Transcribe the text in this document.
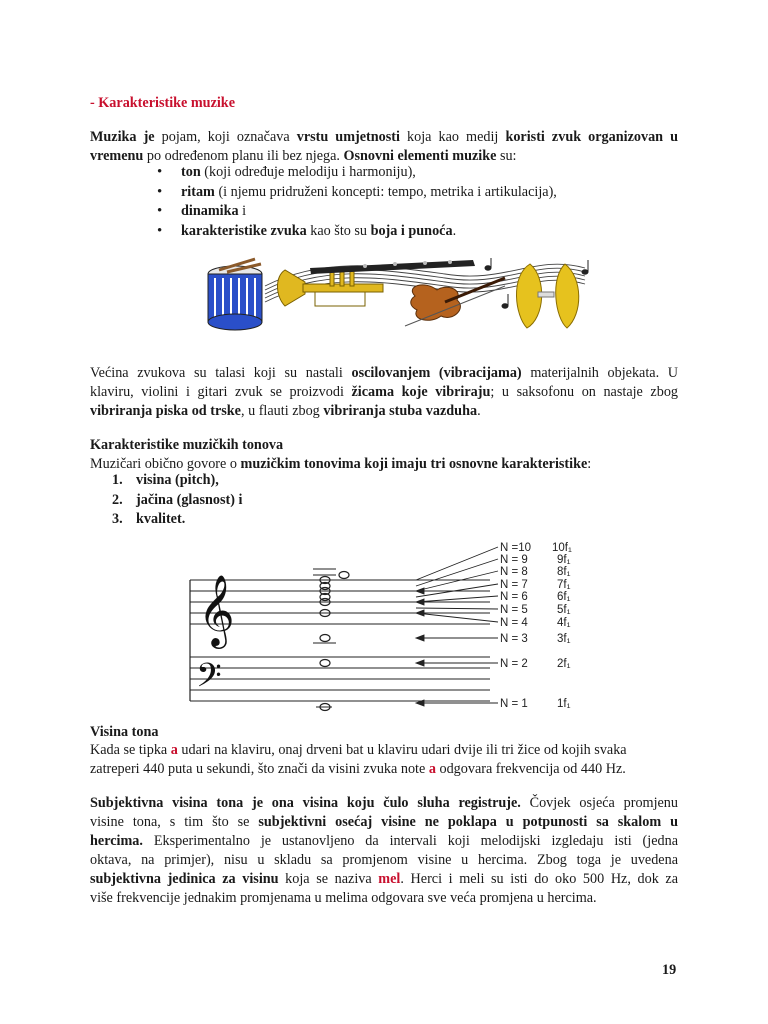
- Karakteristike muzike
Muzika je pojam, koji označava vrstu umjetnosti koja kao medij koristi zvuk organizovan u
vremenu po određenom planu ili bez njega. Osnovni elementi muzike su:
• ton (koji određuje melodiju i harmoniju),
• ritam (i njemu pridruženi koncepti: tempo, metrika i artikulacija),
• dinamika i
• karakteristike zvuka kao što su boja i punoća.
Većina zvukova su talasi koji su nastali oscilovanjem (vibracijama) materijalnih objekata. U
klaviru, violini i gitari zvuk se proizvodi žicama koje vibriraju; u saksofonu on nastaje zbog
vibriranja piska od trske, u flauti zbog vibriranja stuba vazduha.
Karakteristike muzičkih tonova
Muzičari obično govore o muzičkim tonovima koji imaju tri osnovne karakteristike:
1. visina (pitch),
2. jačina (glasnost) i
3. kvalitet.
𝄞
𝄢
N =10 10f₁
N = 9	9f₁
N = 8	8f₁
N = 7	7f₁
N = 6	6f₁
N = 5	5f₁
N = 4	4f₁
N = 3	3f₁
N = 2	2f₁
N = 1	1f₁
Visina tona
Kada se tipka a udari na klaviru, onaj drveni bat u klaviru udari dvije ili tri žice od kojih svaka
zatreperi 440 puta u sekundi, što znači da visini zvuka note a odgovara frekvencija od 440 Hz.
Subjektivna visina tona je ona visina koju čulo sluha registruje. Čovjek osjeća promjenu
visine tona, s tim što se subjektivni osećaj visine ne poklapa u potpunosti sa skalom u
hercima. Eksperimentalno je ustanovljeno da intervali koji melodijski izgledaju isti (jedna
oktava, na primjer), nisu u skladu sa promjenom visine u hercima. Zbog toga je uvedena
subjektivna jedinica za visinu koja se naziva mel. Herci i meli su isti do oko 500 Hz, dok za
više frekvencije jednakim promjenama u melima odgovara sve veća promjena u hercima.
19
